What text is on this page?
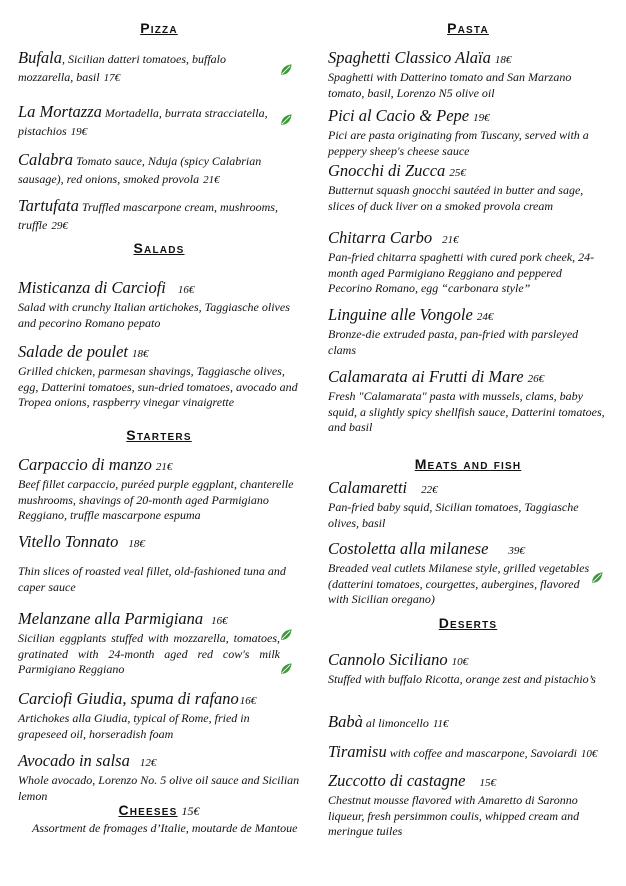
Pizza
Bufala, Sicilian datteri tomatoes, buffalo mozzarella, basil 17€
La Mortazza Mortadella, burrata stracciatella, pistachios 19€
Calabra Tomato sauce, Nduja (spicy Calabrian sausage), red onions, smoked provola 21€
Tartufata Truffled mascarpone cream, mushrooms, truffle 29€
Salads
Misticanza di Carciofi 16€
Salad with crunchy Italian artichokes, Taggiasche olives and pecorino Romano pepato
Salade de poulet 18€
Grilled chicken, parmesan shavings, Taggiasche olives, egg, Datterini tomatoes, sun-dried tomatoes, avocado and Tropea onions, raspberry vinegar vinaigrette
Starters
Carpaccio di manzo 21€
Beef fillet carpaccio, puréed purple eggplant, chanterelle mushrooms, shavings of 20-month aged Parmigiano Reggiano, truffle mascarpone espuma
Vitello Tonnato 18€
Thin slices of roasted veal fillet, old-fashioned tuna and caper sauce
Melanzane alla Parmigiana 16€
Sicilian eggplants stuffed with mozzarella, tomatoes, gratinated with 24-month aged red cow's milk Parmigiano Reggiano
Carciofi Giudia, spuma di rafano16€
Artichokes alla Giudia, typical of Rome, fried in grapeseed oil, horseradish foam
Avocado in salsa 12€
Whole avocado, Lorenzo No. 5 olive oil sauce and Sicilian lemon
Cheeses 15€
Assortment de fromages d’Italie, moutarde de Mantoue
Pasta
Spaghetti Classico Alaïa 18€
Spaghetti with Datterino tomato and San Marzano tomato, basil, Lorenzo N5 olive oil
Pici al Cacio & Pepe 19€
Pici are pasta originating from Tuscany, served with a peppery sheep's cheese sauce
Gnocchi di Zucca 25€
Butternut squash gnocchi sautéed in butter and sage, slices of duck liver on a smoked provola cream
Chitarra Carbo 21€
Pan-fried chitarra spaghetti with cured pork cheek, 24-month aged Parmigiano Reggiano and peppered Pecorino Romano, egg “carbonara style”
Linguine alle Vongole 24€
Bronze-die extruded pasta, pan-fried with parsleyed clams
Calamarata ai Frutti di Mare 26€
Fresh "Calamarata" pasta with mussels, clams, baby squid, a slightly spicy shellfish sauce, Datterini tomatoes, and basil
Meats and fish
Calamaretti 22€
Pan-fried baby squid, Sicilian tomatoes, Taggiasche olives, basil
Costoletta alla milanese 39€
Breaded veal cutlets Milanese style, grilled vegetables (datterini tomatoes, courgettes, aubergines, flavored with Sicilian oregano)
Deserts
Cannolo Siciliano 10€
Stuffed with buffalo Ricotta, orange zest and pistachio’s
Babà al limoncello 11€
Tiramisu with coffee and mascarpone, Savoiardi 10€
Zuccotto di castagne 15€
Chestnut mousse flavored with Amaretto di Saronno liqueur, fresh persimmon coulis, whipped cream and meringue tuiles
